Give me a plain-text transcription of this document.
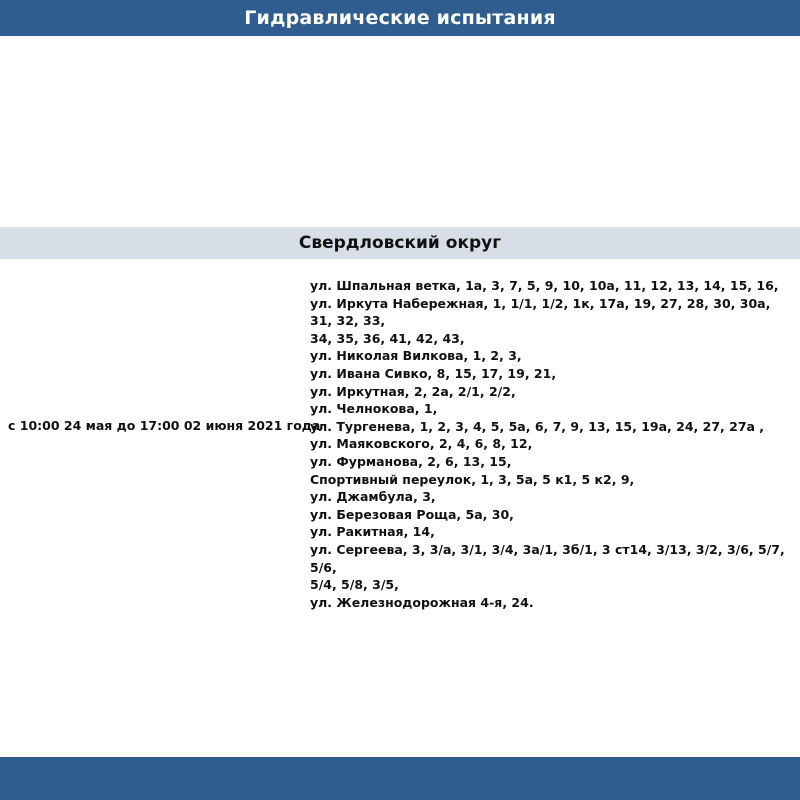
Гидравлические испытания
Свердловский округ
с 10:00 24 мая до 17:00 02 июня 2021 года
ул. Шпальная ветка, 1а, 3, 7, 5, 9, 10, 10а, 11, 12, 13, 14, 15, 16,
ул. Иркута Набережная, 1, 1/1, 1/2, 1к, 17а, 19, 27, 28, 30, 30а, 31, 32, 33,
34, 35, 36, 41, 42, 43,
ул. Николая Вилкова, 1, 2, 3,
ул. Ивана Сивко, 8, 15, 17, 19, 21,
ул. Иркутная, 2, 2а, 2/1, 2/2,
ул. Челнокова, 1,
ул. Тургенева, 1, 2, 3, 4, 5, 5а, 6, 7, 9, 13, 15, 19а, 24, 27, 27а ,
ул. Маяковского, 2, 4, 6, 8, 12,
ул. Фурманова, 2, 6, 13, 15,
Спортивный переулок, 1, 3, 5а, 5 к1, 5 к2, 9,
ул. Джамбула, 3,
ул. Березовая Роща, 5а, 30,
ул. Ракитная, 14,
ул. Сергеева, 3, 3/а, 3/1, 3/4, 3а/1, 3б/1, 3 ст14, 3/13, 3/2, 3/6, 5/7, 5/6,
5/4, 5/8, 3/5,
ул. Железнодорожная 4-я, 24.
